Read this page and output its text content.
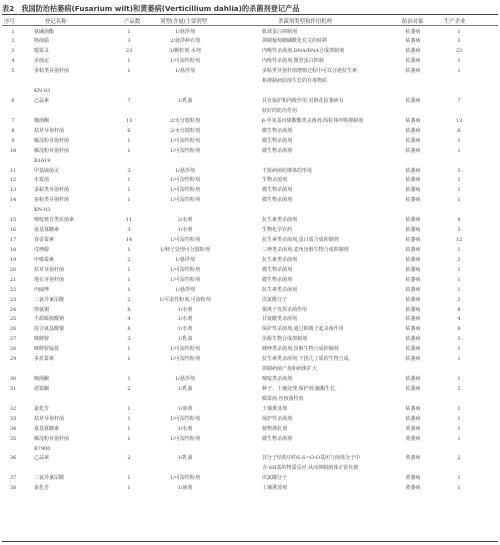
表2 我国防治枯萎病(Fusarium wilt)和黄萎病(Verticillium dahlia)的杀菌剂登记产品
序号	登记名称	产品数	剂型(含量/主要剂型	杀菌剂类型和作用机理	防治对象	生产企业
1	氨碱菌酯	1	1/悬浮剂	肌球蛋白抑制剂	枯萎病	1
2	咯菌腈	3	2/悬浮种衣剂	抑制葡萄糖磷酰化有关的转移	枯萎病	3
3	噁霉灵	23	3/颗粒剂,水剂	内吸性杀菌剂,DNA/RNA合成抑制剂	枯萎病	23
4	多菌定	1	1/可湿性粉剂	内吸性杀菌剂,微管蛋白抑制	枯萎病	1
5	多粘类芽孢杆菌	1	1/悬浮剂	多粘类芽孢杆菌增殖过程中可以分泌抗生素	枯萎病	1
和抑制病原菌生长的有毒物质
KN-03
6	乙蒜素	7	1/乳油	具有保护和内吸作用,对棉花枯萎病有	枯萎病	7
较好的防治作用
7	噻菌酮	13	2/水分散粒剂	β-甲氧基丙烯酸酯类杀菌剂,线粒体呼吸抑制剂	枯萎病	13
8	枯草芽孢杆菌	6	2/水分散粒剂	微生物杀菌剂	枯萎病	6
9	解淀粉芽孢杆菌	1	1/可湿性粉剂	微生物杀菌剂	枯萎病	1
10	解淀粉芽孢杆菌	1	1/可湿性粉剂	微生物杀菌剂	枯萎病	1
B1619
11	甲基硫菌灵	3	1/悬浮剂	干扰病菌纺锤体的形成	枯萎病	3
12	木霉菌	1	1/可湿性粉剂	生物杀菌剂	枯萎病	1
13	多粘类芽孢杆菌	1	1/可湿性粉剂	微生物杀菌剂	枯萎病	1
14	多粘类芽孢杆菌	1	1/可湿性粉剂	微生物杀菌剂	枯萎病	1
KN-03
15	嘧啶核苷类抗菌素	11	2/水剂	抗生素类杀菌剂	枯萎病	9
16	氨基寡糖素	3	1/水剂	生物化学农药	枯萎病	3
17	春雷霉素	14	1/可湿性粉剂	抗生素类杀菌剂,蛋白质合成抑制剂	枯萎病	12
18	戊唑醇	1	1/种子处理可分散粉剂	三唑类杀菌剂,麦角甾醇生物合成抑制剂	枯萎病	1
19	申嗪霉素	2	1/悬浮剂	抗生素类杀菌剂	枯萎病	2
20	枯草芽孢杆菌	1	1/可湿性粉剂	微生物杀菌剂	枯萎病	1
21	地衣芽孢杆菌	1	1/可湿性粉剂	微生物杀菌剂	枯萎病	1
22	丙硫唑	1	1/悬浮剂	抗生素类杀菌剂	枯萎病	1
23	三氯异氰尿酸	2	1/可湿性粉剂,可溶粉剂	次氯酸分子	枯萎病	2
24	络氨铜	8	1/水剂	铜离子发挥杀菌作用	枯萎病	8
25	丰源腐植酸钠	4	1/水剂	甘氨酸类杀菌剂	枯萎病	4
26	混合氨基酸铜	8	1/水剂	保护性杀菌剂,通过铜离子起杀菌作用	枯萎病	8
27	咪鲜胺	3	1/乳油	甾醇生物合成抑制剂	枯萎病	3
28	咪鲜胺锰盐	1	1/可湿性粉剂	咪唑类杀菌剂,甾醇生物合成抑制剂	枯萎病	1
29	多抗霉素	1	1/可湿性粉剂	抗生素类杀菌剂,干扰几丁质的生物合成,	枯萎病	1
抑制病菌产孢和病斑扩大
30	嘧菌酮	1	1/悬浮剂	嘧啶类杀菌剂	枯萎病	1
31	恶霉酮	2	1/乳油	种子、土壤处理,保护剂,触酶生长,	枯萎病	2
腐霉菌,丝核菌特效
32	氯化苦	1	1/液剂	土壤熏蒸剂	枯萎病	1
33	枯草芽孢杆菌	1	1/可湿性粉剂	保护性杀菌剂	枯萎病	1
34	氨基寡糖素	1	1/水剂	植物诱抗剂	黄萎病	1
35	解淀粉芽孢杆菌	1	1/可湿性粉剂	微生物杀菌剂	黄萎病	1
B7900
36	乙蒜素	2	1/乳油	其分子结构中的S-S=O-O基团与菌体分子中	黄萎病	2
含-SH基的物质反应,从而抑制菌体正常代谢
37	三氯异氰尿酸	1	1/可湿性粉剂	次氯酸分子	黄萎病	1
38	氯化苦	1	1/液剂	土壤熏蒸剂	黄萎病	1
